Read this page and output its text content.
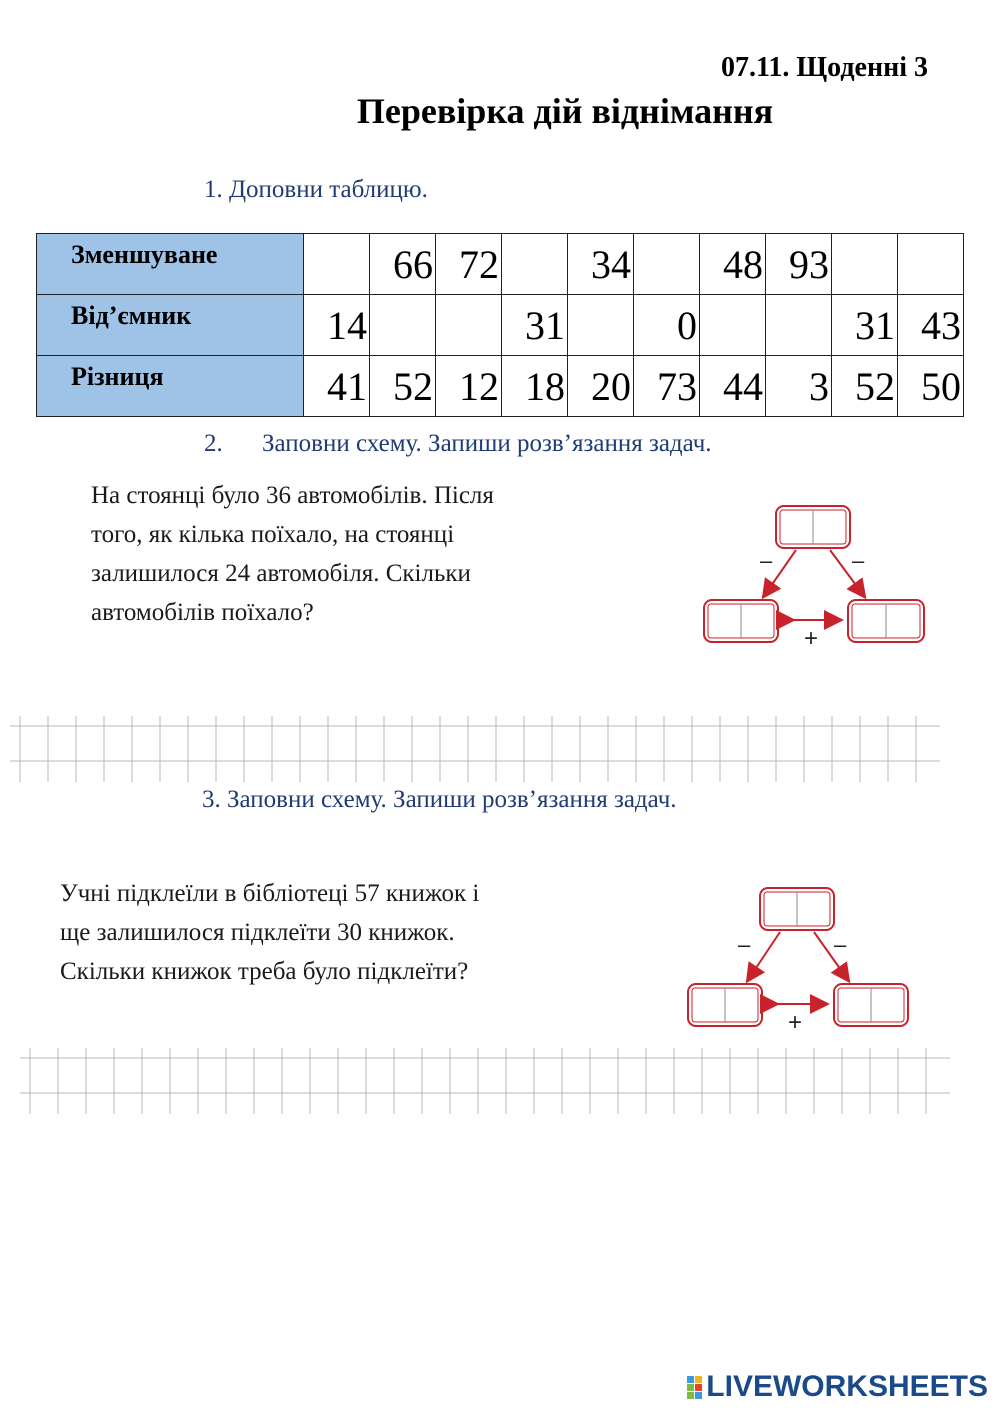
07.11. Щоденні 3
Перевірка дій віднімання
1. Доповни таблицю.
Зменшуване		66	72		34		48	93		
Від’ємник	14			31		0			31	43
Різниця	41	52	12	18	20	73	44	3	52	50
2. Заповни схему. Запиши розв’язання задач.
На стоянці було 36 автомобілів. Після
того, як кілька поїхало, на стоянці
залишилося 24 автомобіля. Скільки
автомобілів поїхало?
–	–
+
3. Заповни схему. Запиши розв’язання задач.
Учні підклеїли в бібліотеці 57 книжок і
ще залишилося підклеїти 30 книжок.
Скільки книжок треба було підклеїти?
–	–
+
LIVEWORKSHEETS
